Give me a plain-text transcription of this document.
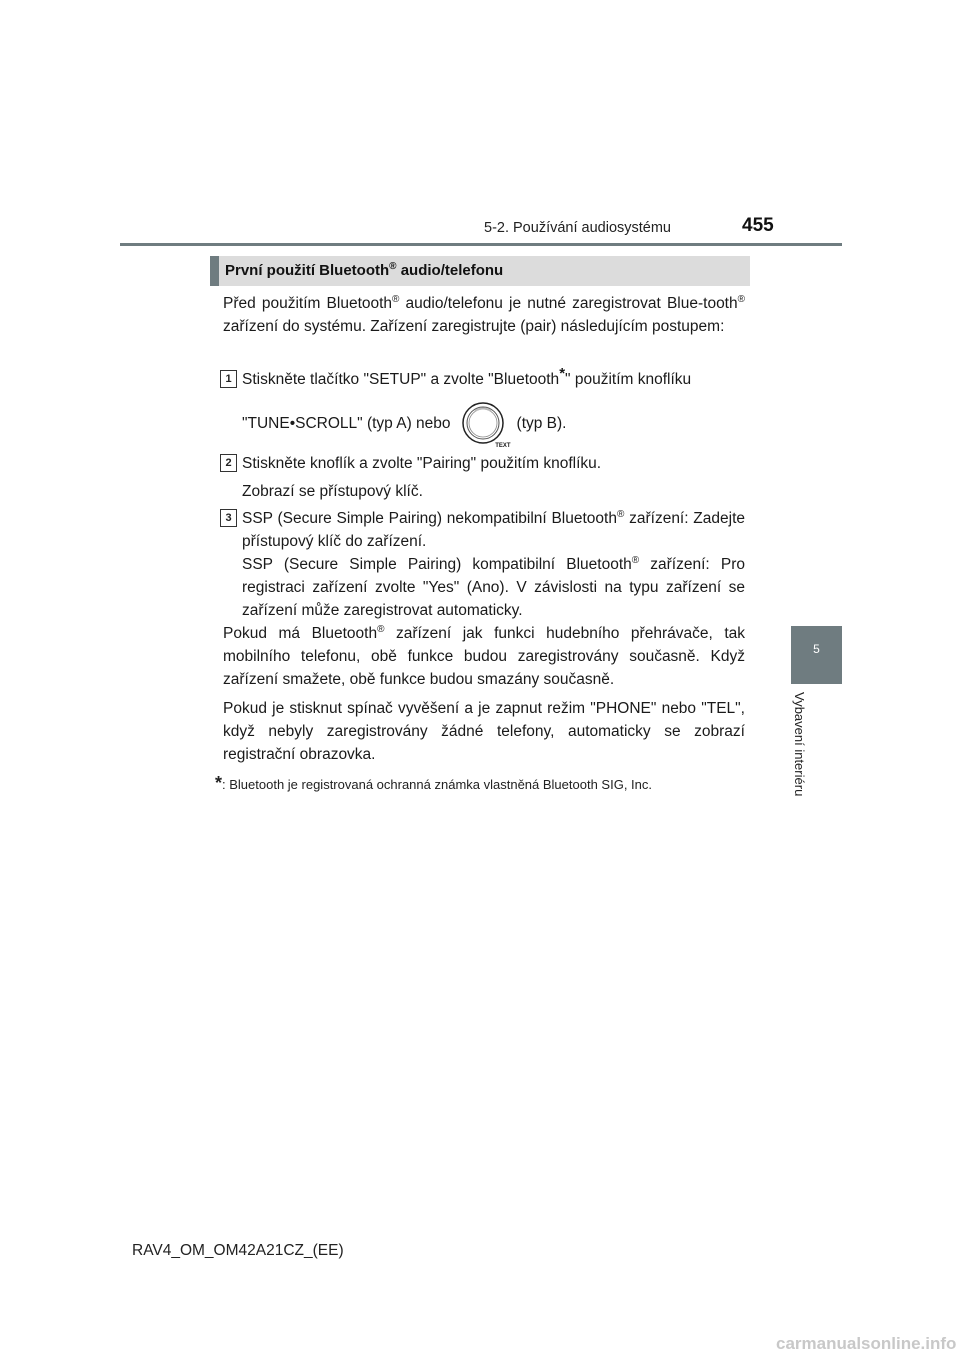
5-2. Používání audiosystému	455
5
Vybavení interiéru
První použití Bluetooth® audio/telefonu
Před použitím Bluetooth® audio/telefonu je nutné zaregistrovat Blue-tooth® zařízení do systému. Zařízení zaregistrujte (pair) následujícím postupem:
1 Stiskněte tlačítko "SETUP" a zvolte "Bluetooth*" použitím knoflíku
"TUNE•SCROLL" (typ A) nebo
TEXT
(typ B).
2 Stiskněte knoflík a zvolte "Pairing" použitím knoflíku.
Zobrazí se přístupový klíč.
3 SSP (Secure Simple Pairing) nekompatibilní Bluetooth® zařízení: Zadejte přístupový klíč do zařízení.
SSP (Secure Simple Pairing) kompatibilní Bluetooth® zařízení: Pro registraci zařízení zvolte "Yes" (Ano). V závislosti na typu zařízení se zařízení může zaregistrovat automaticky.
Pokud má Bluetooth® zařízení jak funkci hudebního přehrávače, tak mobilního telefonu, obě funkce budou zaregistrovány současně. Když zařízení smažete, obě funkce budou smazány současně.
Pokud je stisknut spínač vyvěšení a je zapnut režim "PHONE" nebo "TEL", když nebyly zaregistrovány žádné telefony, automaticky se zobrazí registrační obrazovka.
*: Bluetooth je registrovaná ochranná známka vlastněná Bluetooth SIG, Inc.
RAV4_OM_OM42A21CZ_(EE)
carmanualsonline.info
